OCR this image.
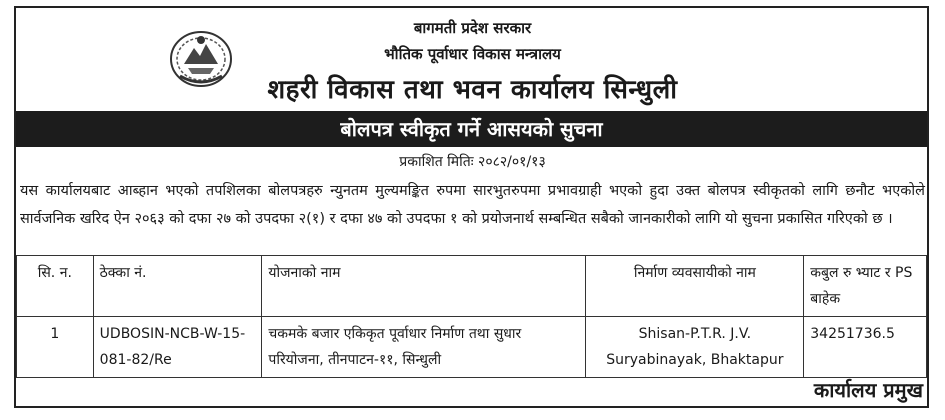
बागमती प्रदेश सरकार
भौतिक पूर्वाधार विकास मन्त्रालय
शहरी विकास तथा भवन कार्यालय सिन्धुली
बोलपत्र स्वीकृत गर्ने आसयको सुचना
प्रकाशित मितिः २०८२/०१/१३
यस कार्यालयबाट आब्हान भएको तपशिलका बोलपत्रहरु न्युनतम मुल्यमङ्कित रुपमा सारभुतरुपमा प्रभावग्राही भएको हुदा उक्त बोलपत्र स्वीकृतको लागि छनौट भएकोले सार्वजनिक खरिद ऐन २०६३ को दफा २७ को उपदफा २(१) र दफा ४७ को उपदफा १ को प्रयोजनार्थ सम्बन्धित सबैको जानकारीको लागि यो सुचना प्रकासित गरिएको छ ।
सि. न.	ठेक्का नं.	योजनाको नाम	निर्माण व्यवसायीको नाम	कबुल रु भ्याट र PS बाहेक
1	UDBOSIN-NCB-W-15-081-82/Re	चकमके बजार एकिकृत पूर्वाधार निर्माण तथा सुधार परियोजना, तीनपाटन-११, सिन्धुली	Shisan-P.T.R. J.V. Suryabinayak, Bhaktapur	34251736.5
कार्यालय प्रमुख
